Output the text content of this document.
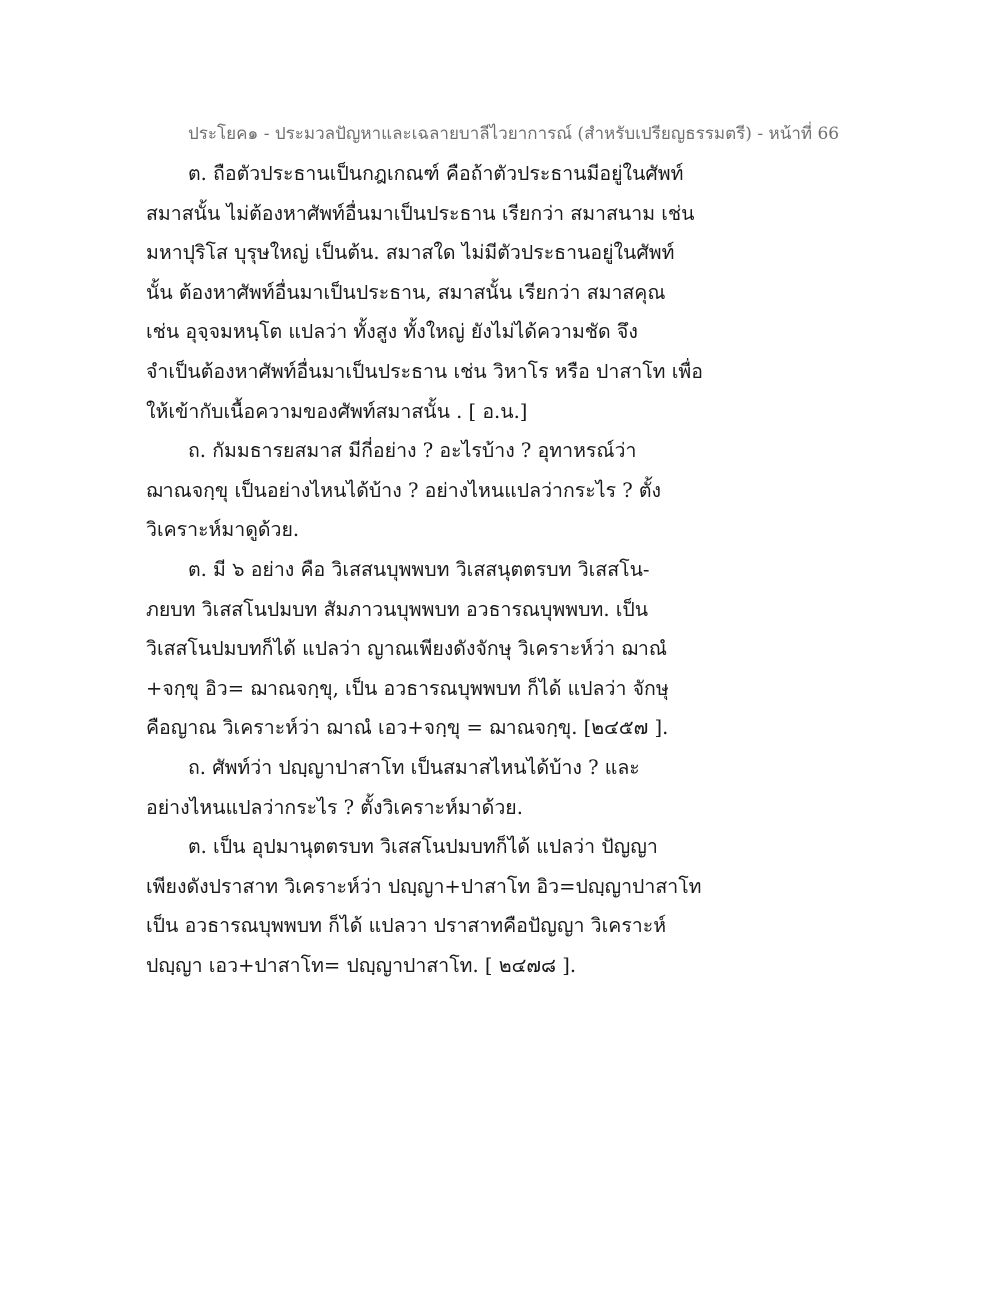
ประโยค๑ - ประมวลปัญหาและเฉลายบาลีไวยาการณ์ (สำหรับเปรียญธรรมตรี) - หน้าที่ 66
ต. ถือตัวประธานเป็นกฎเกณฑ์ คือถ้าตัวประธานมีอยู่ในศัพท์
สมาสนั้น ไม่ต้องหาศัพท์อื่นมาเป็นประธาน เรียกว่า สมาสนาม เช่น
มหาปุริโส บุรุษใหญ่ เป็นต้น. สมาสใด ไม่มีตัวประธานอยู่ในศัพท์
นั้น ต้องหาศัพท์อื่นมาเป็นประธาน, สมาสนั้น เรียกว่า สมาสคุณ
เช่น อุจฺจมหนฺโต แปลว่า ทั้งสูง ทั้งใหญ่ ยังไม่ได้ความชัด จึง
จำเป็นต้องหาศัพท์อื่นมาเป็นประธาน เช่น วิหาโร หรือ ปาสาโท เพื่อ
ให้เข้ากับเนื้อความของศัพท์สมาสนั้น . [ อ.น.]
ถ. กัมมธารยสมาส มีกี่อย่าง ? อะไรบ้าง ? อุทาหรณ์ว่า
ฌาณจกฺขุ เป็นอย่างไหนได้บ้าง ? อย่างไหนแปลว่ากระไร ? ตั้ง
วิเคราะห์มาดูด้วย.
ต. มี ๖ อย่าง คือ วิเสสนบุพพบท วิเสสนุตตรบท วิเสสโน-
ภยบท วิเสสโนปมบท สัมภาวนบุพพบท อวธารณบุพพบท. เป็น
วิเสสโนปมบทก็ได้ แปลว่า ญาณเพียงดังจักษุ วิเคราะห์ว่า ฌาณํ
+จกฺขุ อิว= ฌาณจกฺขุ, เป็น อวธารณบุพพบท ก็ได้ แปลว่า จักษุ
คือญาณ วิเคราะห์ว่า ฌาณํ เอว+จกฺขุ = ฌาณจกฺขุ. [๒๔๕๗ ].
ถ. ศัพท์ว่า ปญฺญาปาสาโท เป็นสมาสไหนได้บ้าง ? และ
อย่างไหนแปลว่ากระไร ? ตั้งวิเคราะห์มาด้วย.
ต. เป็น อุปมานุตตรบท วิเสสโนปมบทก็ได้ แปลว่า ปัญญา
เพียงดังปราสาท วิเคราะห์ว่า ปญฺญา+ปาสาโท อิว=ปญฺญาปาสาโท
เป็น อวธารณบุพพบท ก็ได้ แปลวา ปราสาทคือปัญญา วิเคราะห์
ปญฺญา เอว+ปาสาโท= ปญฺญาปาสาโท. [ ๒๔๗๘ ].
